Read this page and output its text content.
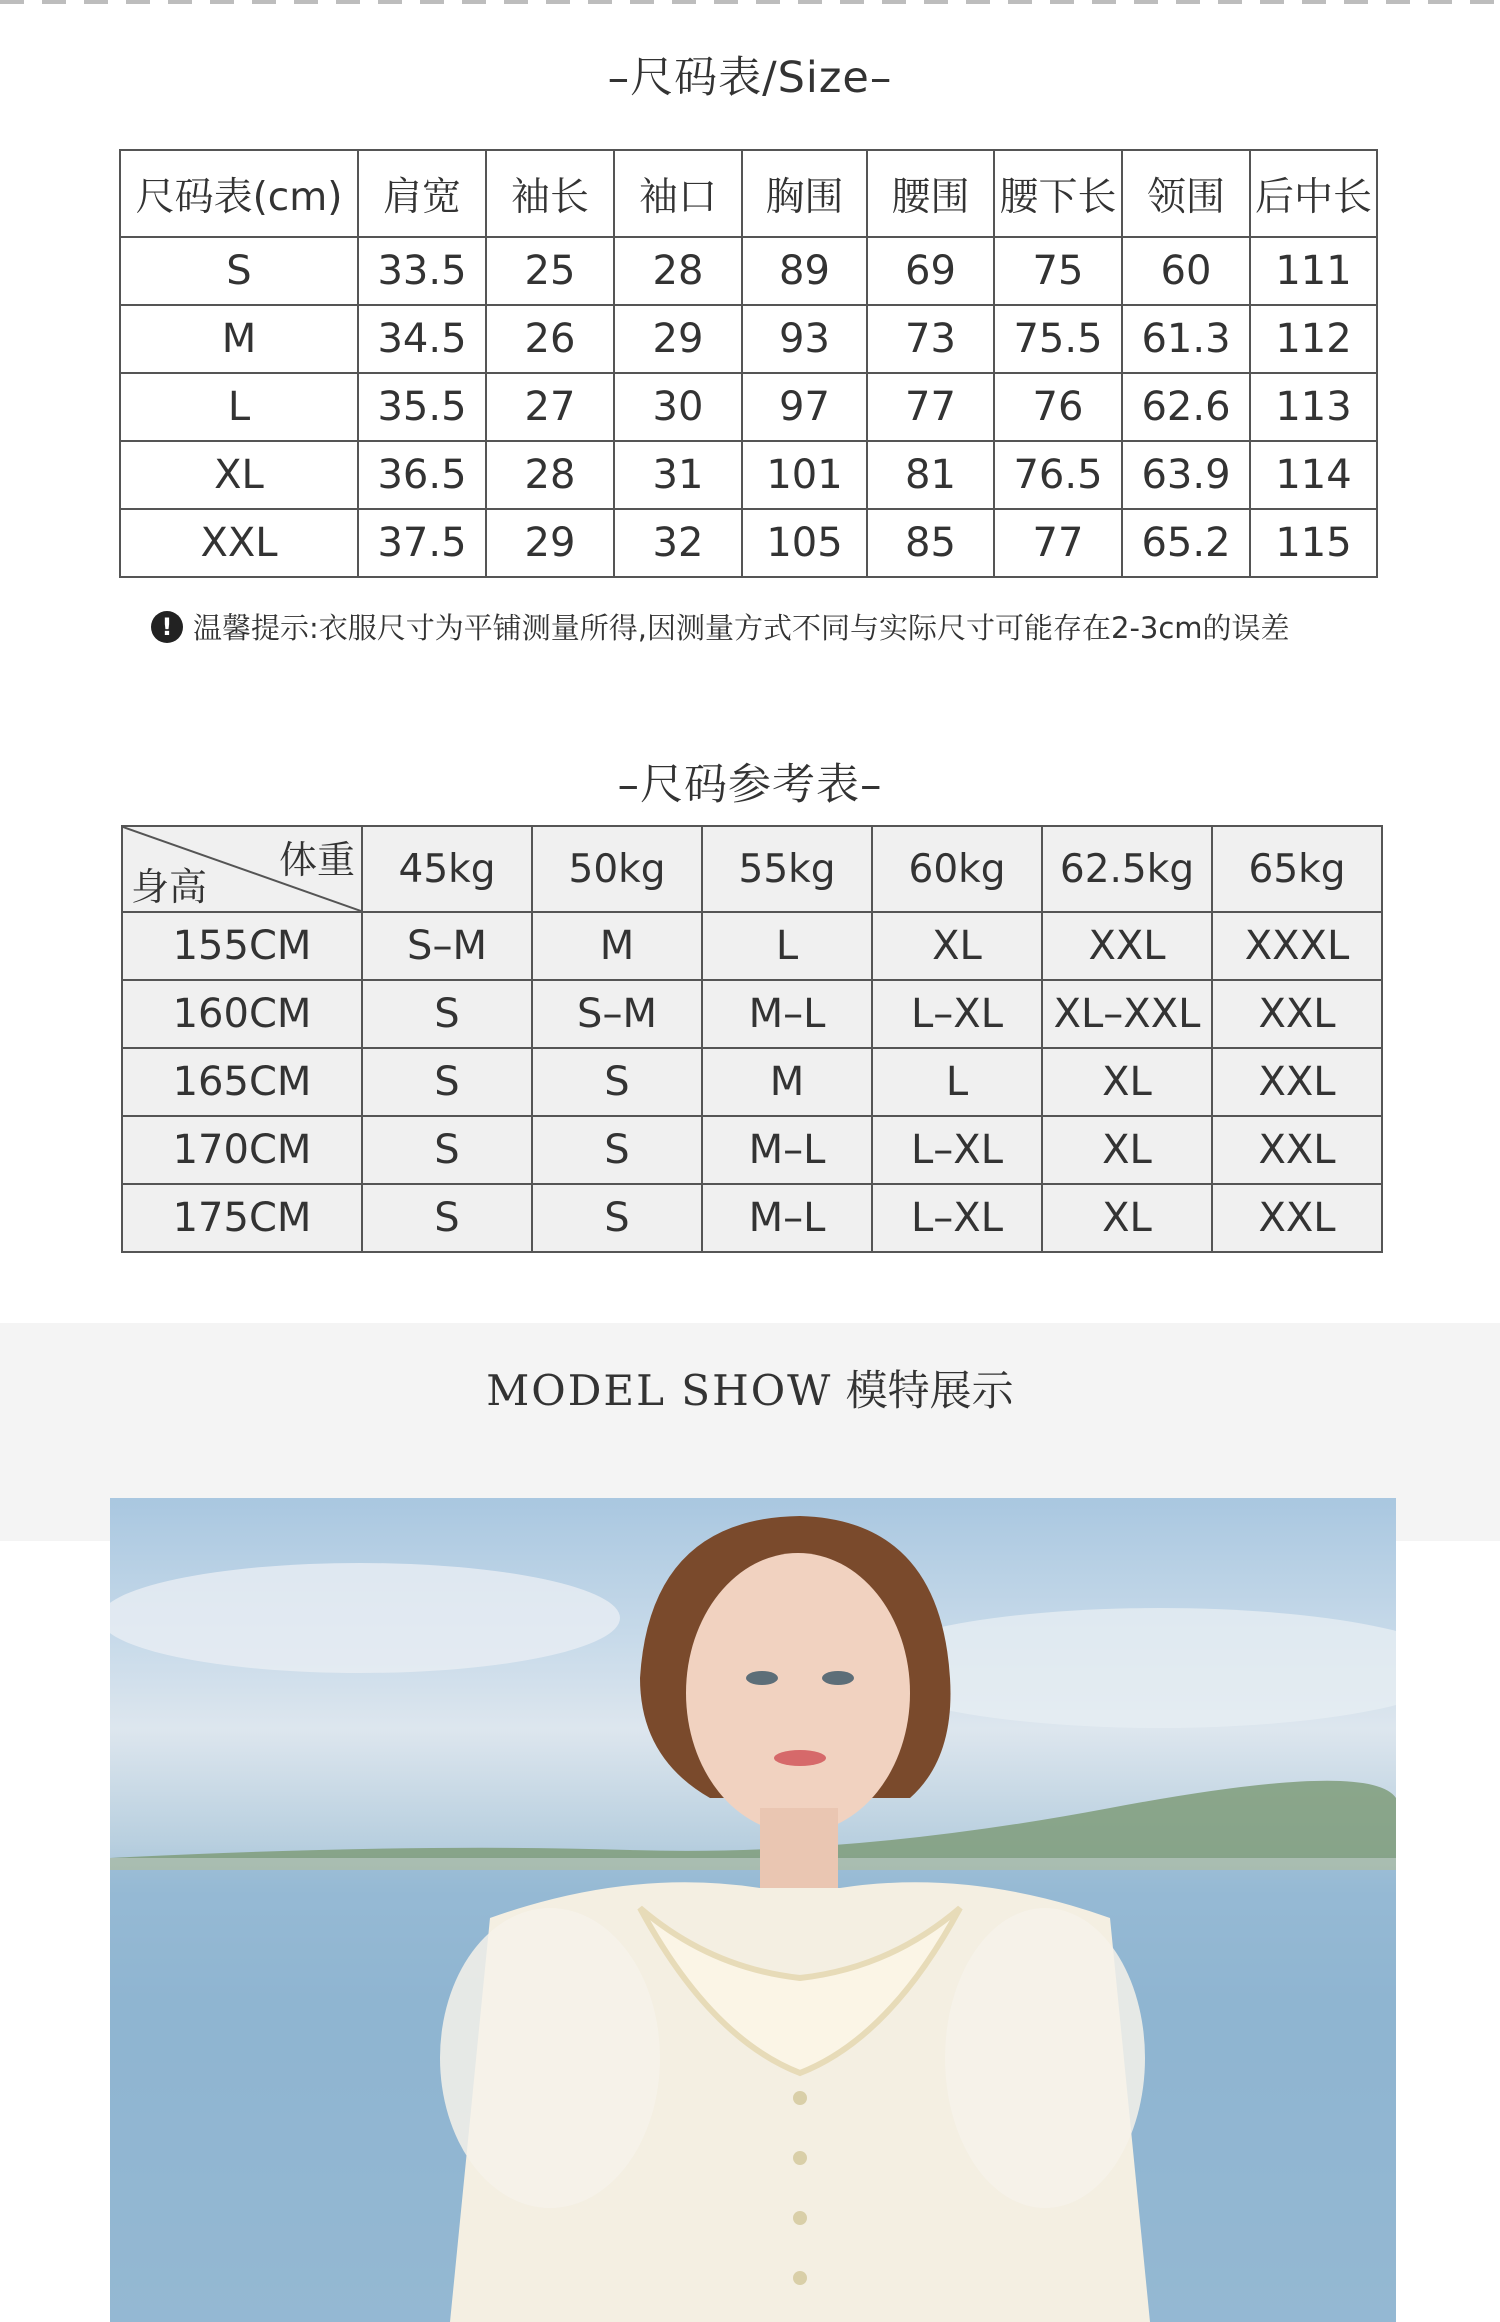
–尺码表/Size–
尺码表(cm)	肩宽	袖长	袖口	胸围	腰围	腰下长	领围	后中长
S	33.5	25	28	89	69	75	60	111
M	34.5	26	29	93	73	75.5	61.3	112
L	35.5	27	30	97	77	76	62.6	113
XL	36.5	28	31	101	81	76.5	63.9	114
XXL	37.5	29	32	105	85	77	65.2	115
! 温馨提示:衣服尺寸为平铺测量所得,因测量方式不同与实际尺寸可能存在2-3cm的误差
–尺码参考表–
体重
身高	45kg	50kg	55kg	60kg	62.5kg	65kg
155CM	S–M	M	L	XL	XXL	XXXL
160CM	S	S–M	M–L	L–XL	XL–XXL	XXL
165CM	S	S	M	L	XL	XXL
170CM	S	S	M–L	L–XL	XL	XXL
175CM	S	S	M–L	L–XL	XL	XXL
MODEL SHOW 模特展示
